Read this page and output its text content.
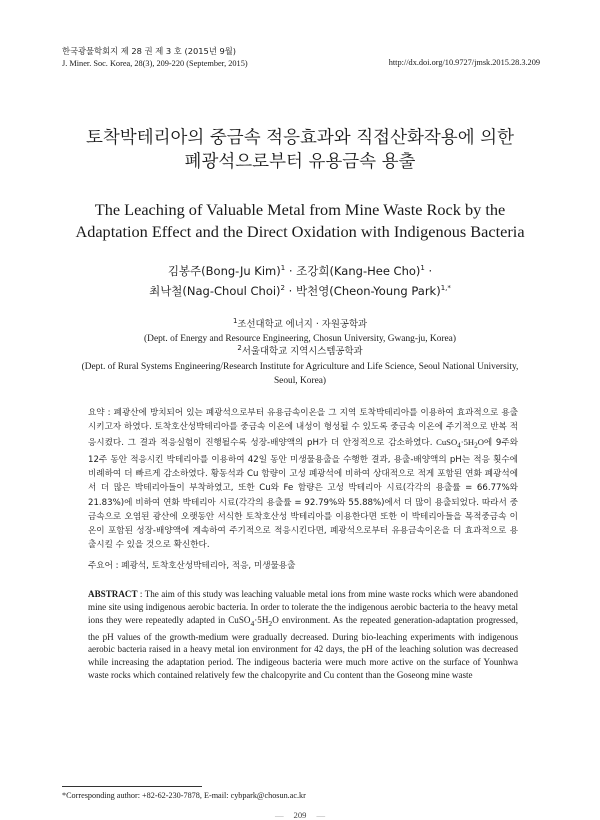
한국광물학회지 제 28 권 제 3 호 (2015년 9월)
J. Miner. Soc. Korea, 28(3), 209-220 (September, 2015)	http://dx.doi.org/10.9727/jmsk.2015.28.3.209
토착박테리아의 중금속 적응효과와 직접산화작용에 의한
폐광석으로부터 유용금속 용출
The Leaching of Valuable Metal from Mine Waste Rock by the
Adaptation Effect and the Direct Oxidation with Indigenous Bacteria
김봉주(Bong-Ju Kim)$^1$ · 조강희(Kang-Hee Cho)$^1$ ·
최낙철(Nag-Choul Choi)$^2$ · 박천영(Cheon-Young Park)$^{1,*}$
$^1$조선대학교 에너지 · 자원공학과
(Dept. of Energy and Resource Engineering, Chosun University, Gwang-ju, Korea)
$^2$서울대학교 지역시스템공학과
(Dept. of Rural Systems Engineering/Research Institute for Agriculture and Life Science, Seoul National University,
Seoul, Korea)
요약 : 폐광산에 방치되어 있는 폐광석으로부터 유용금속이온을 그 지역 토착박테리아를 이용하여 효과적으로 용출시키고자 하였다. 토착호산성박테리아를 중금속 이온에 내성이 형성될 수 있도록 중금속 이온에 주기적으로 반복 적응시켰다. 그 결과 적응실험이 진행될수록 성장-배양액의 pH가 더 안정적으로 감소하였다. $CuSO_4\cdot 5H_2O$에 9주와 12주 동안 적응시킨 박테리아를 이용하여 42일 동안 미생물용출을 수행한 결과, 용출-배양액의 pH는 적응 횟수에 비례하여 더 빠르게 감소하였다. 황동석과 Cu 함량이 고성 폐광석에 비하여 상대적으로 적게 포함된 연화 폐광석에서 더 많은 박테리아들이 부착하였고, 또한 Cu와 Fe 함량은 고성 박테리아 시료(각각의 용출률 = 66.77%와 21.83%)에 비하여 연화 박테리아 시료(각각의 용출률 = 92.79%와 55.88%)에서 더 많이 용출되었다. 따라서 중금속으로 오염된 광산에 오랫동안 서식한 토착호산성 박테리아를 이용한다면 또한 이 박테리아들을 목적중금속 이온이 포함된 성장-배양액에 계속하여 주기적으로 적응시킨다면, 폐광석으로부터 유용금속이온을 더 효과적으로 용출시킬 수 있을 것으로 확신한다.
주요어 : 폐광석, 토착호산성박테리아, 적응, 미생물용출
ABSTRACT : The aim of this study was leaching valuable metal ions from mine waste rocks which were abandoned mine site using indigenous aerobic bacteria. In order to tolerate the the indigenous aerobic bacteria to the heavy metal ions they were repeatedly adapted in $CuSO_4\cdot 5H_2O$ environment. As the repeated generation-adaptation progressed, the pH values of the growth-medium were gradually decreased. During bio-leaching experiments with indigenous aerobic bacteria raised in a heavy metal ion environment for 42 days, the pH of the leaching solution was decreased while increasing the adaptation period. The indigeous bacteria were much more active on the surface of Younhwa waste rocks which contained relatively few the chalcopyrite and Cu content than the Goseong mine waste
*Corresponding author: +82-62-230-7878, E-mail: cybpark@chosun.ac.kr
— 209 —
